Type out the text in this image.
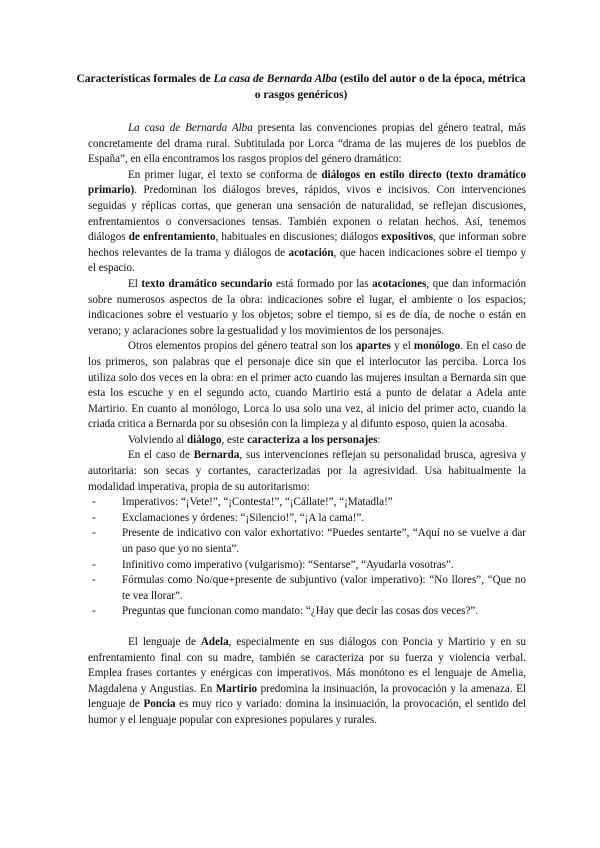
Características formales de La casa de Bernarda Alba (estilo del autor o de la época, métrica o rasgos genéricos)

La casa de Bernarda Alba presenta las convenciones propias del género teatral, más concretamente del drama rural. Subtitulada por Lorca “drama de las mujeres de los pueblos de España”, en ella encontramos los rasgos propios del género dramático:

En primer lugar, el texto se conforma de diálogos en estilo directo (texto dramático primario). Predominan los diálogos breves, rápidos, vivos e incisivos. Con intervenciones seguidas y réplicas cortas, que generan una sensación de naturalidad, se reflejan discusiones, enfrentamientos o conversaciones tensas. También exponen o relatan hechos. Así, tenemos diálogos de enfrentamiento, habituales en discusiones; diálogos expositivos, que informan sobre hechos relevantes de la trama y diálogos de acotación, que hacen indicaciones sobre el tiempo y el espacio.

El texto dramático secundario está formado por las acotaciones, que dan información sobre numerosos aspectos de la obra: indicaciones sobre el lugar, el ambiente o los espacios; indicaciones sobre el vestuario y los objetos; sobre el tiempo, si es de día, de noche o están en verano; y aclaraciones sobre la gestualidad y los movimientos de los personajes.

Otros elementos propios del género teatral son los apartes y el monólogo. En el caso de los primeros, son palabras que el personaje dice sin que el interlocutor las perciba. Lorca los utiliza solo dos veces en la obra: en el primer acto cuando las mujeres insultan a Bernarda sin que esta los escuche y en el segundo acto, cuando Martirio está a punto de delatar a Adela ante Martirio. En cuanto al monólogo, Lorca lo usa solo una vez, al inicio del primer acto, cuando la criada critica a Bernarda por su obsesión con la limpieza y al difunto esposo, quien la acosaba.

Volviendo al diálogo, este caracteriza a los personajes:

En el caso de Bernarda, sus intervenciones reflejan su personalidad brusca, agresiva y autoritaria: son secas y cortantes, caracterizadas por la agresividad. Usa habitualmente la modalidad imperativa, propia de su autoritarismo:

- Imperativos: “¡Vete!”, “¡Contesta!”, “¡Cállate!”, “¡Matadla!”
- Exclamaciones y órdenes: “¡Silencio!”, “¡A la cama!”.
- Presente de indicativo con valor exhortativo: “Puedes sentarte”, “Aquí no se vuelve a dar un paso que yo no sienta”.
- Infinitivo como imperativo (vulgarismo): “Sentarse”, “Ayudarla vosotras”.
- Fórmulas como No/que+presente de subjuntivo (valor imperativo): “No llores”, “Que no te vea llorar”.
- Preguntas que funcionan como mandato: “¿Hay que decir las cosas dos veces?”.

El lenguaje de Adela, especialmente en sus diálogos con Poncia y Martirio y en su enfrentamiento final con su madre, también se caracteriza por su fuerza y violencia verbal. Emplea frases cortantes y enérgicas con imperativos. Más monótono es el lenguaje de Amelia, Magdalena y Angustias. En Martirio predomina la insinuación, la provocación y la amenaza. El lenguaje de Poncia es muy rico y variado: domina la insinuación, la provocación, el sentido del humor y el lenguaje popular con expresiones populares y rurales.
